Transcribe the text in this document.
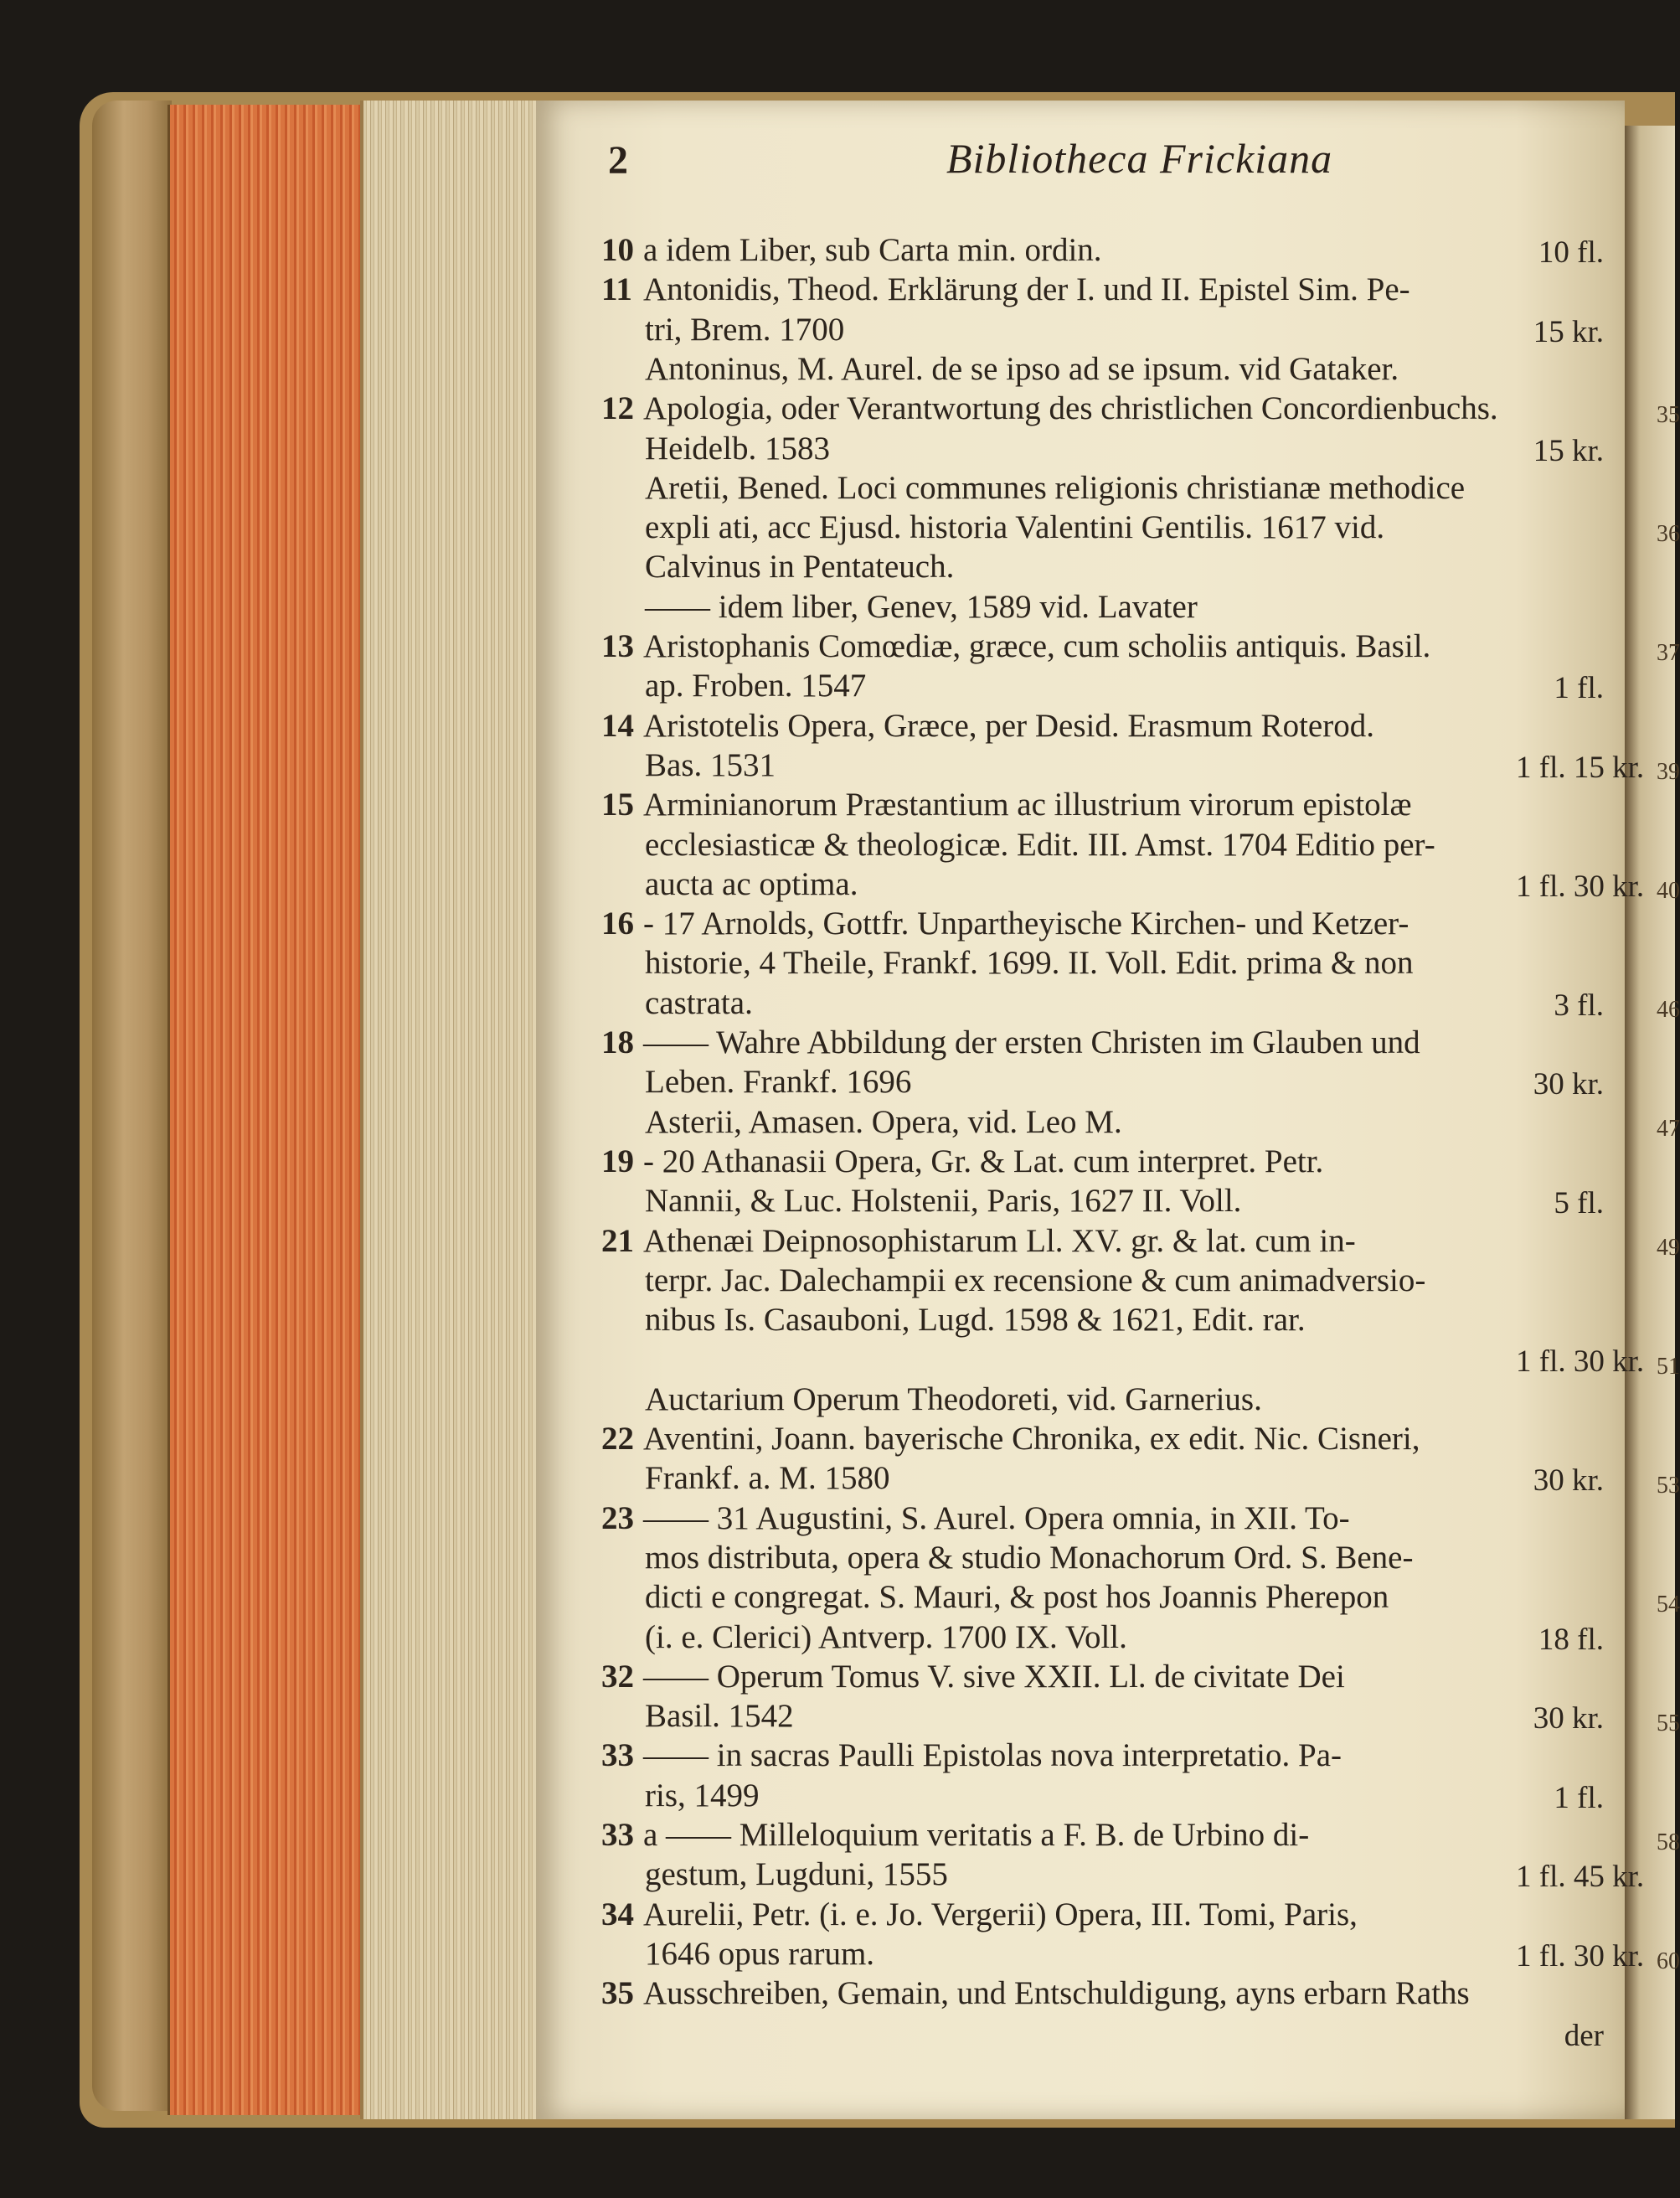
35
36
37
39
40
46
47
49
51
53
54
55
58
60
2	Bibliotheca Frickiana
10 a idem Liber, sub Carta min. ordin.	10 fl.
11 Antonidis, Theod. Erklärung der I. und II. Epistel Sim. Pe-
tri, Brem. 1700	15 kr.
Antoninus, M. Aurel. de se ipso ad se ipsum. vid Gataker.
12 Apologia, oder Verantwortung des christlichen Concordienbuchs.
Heidelb. 1583	15 kr.
Aretii, Bened. Loci communes religionis christianæ methodice
expli ati, acc Ejusd. historia Valentini Gentilis. 1617 vid.
Calvinus in Pentateuch.
—— idem liber, Genev, 1589 vid. Lavater
13 Aristophanis Comœdiæ, græce, cum scholiis antiquis. Basil.
ap. Froben. 1547	1 fl.
14 Aristotelis Opera, Græce, per Desid. Erasmum Roterod.
Bas. 1531	1 fl. 15 kr.
15 Arminianorum Præstantium ac illustrium virorum epistolæ
ecclesiasticæ & theologicæ. Edit. III. Amst. 1704 Editio per-
aucta ac optima.	1 fl. 30 kr.
16 - 17 Arnolds, Gottfr. Unpartheyische Kirchen- und Ketzer-
historie, 4 Theile, Frankf. 1699. II. Voll. Edit. prima & non
castrata.	3 fl.
18 —— Wahre Abbildung der ersten Christen im Glauben und
Leben. Frankf. 1696	30 kr.
Asterii, Amasen. Opera, vid. Leo M.
19 - 20 Athanasii Opera, Gr. & Lat. cum interpret. Petr.
Nannii, & Luc. Holstenii, Paris, 1627 II. Voll.	5 fl.
21 Athenæi Deipnosophistarum Ll. XV. gr. & lat. cum in-
terpr. Jac. Dalechampii ex recensione & cum animadversio-
nibus Is. Casauboni, Lugd. 1598 & 1621, Edit. rar.
1 fl. 30 kr.
Auctarium Operum Theodoreti, vid. Garnerius.
22 Aventini, Joann. bayerische Chronika, ex edit. Nic. Cisneri,
Frankf. a. M. 1580	30 kr.
23 —— 31 Augustini, S. Aurel. Opera omnia, in XII. To-
mos distributa, opera & studio Monachorum Ord. S. Bene-
dicti e congregat. S. Mauri, & post hos Joannis Pherepon
(i. e. Clerici) Antverp. 1700 IX. Voll.	18 fl.
32 —— Operum Tomus V. sive XXII. Ll. de civitate Dei
Basil. 1542	30 kr.
33 —— in sacras Paulli Epistolas nova interpretatio. Pa-
ris, 1499	1 fl.
33 a —— Milleloquium veritatis a F. B. de Urbino di-
gestum, Lugduni, 1555	1 fl. 45 kr.
34 Aurelii, Petr. (i. e. Jo. Vergerii) Opera, III. Tomi, Paris,
1646 opus rarum.	1 fl. 30 kr.
35 Ausschreiben, Gemain, und Entschuldigung, ayns erbarn Raths
der
